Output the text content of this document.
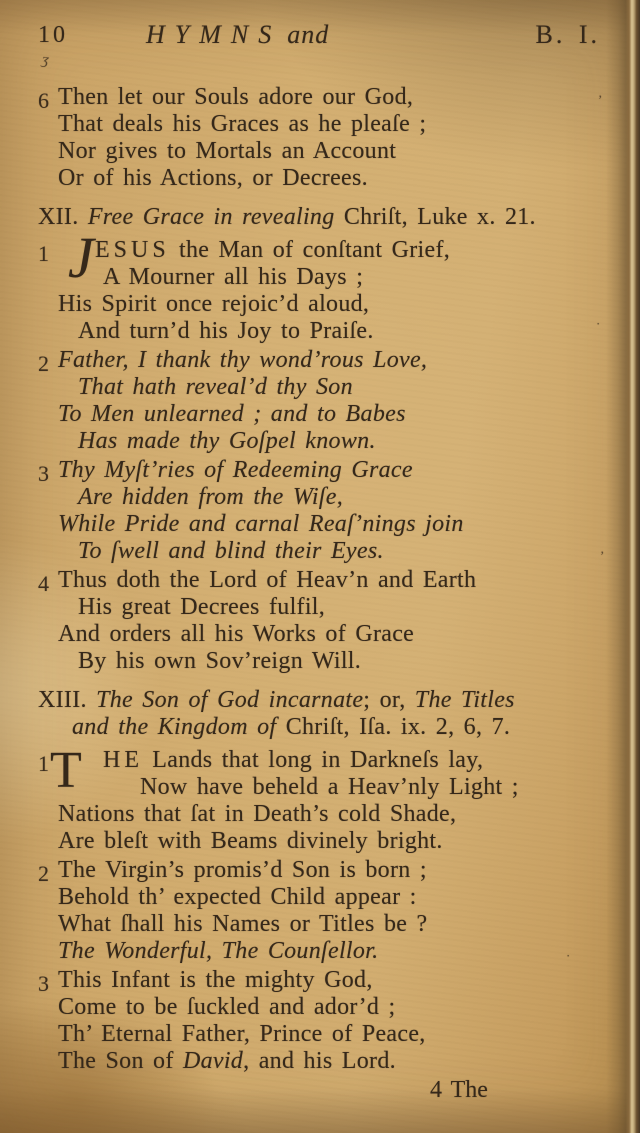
10	HYMNS and	B. I.
ʒ
6 Then let our Souls adore our God,
That deals his Graces as he pleaſe ;
Nor gives to Mortals an Account
Or of his Actions, or Decrees.
XII. Free Grace in revealing Chriſt, Luke x. 21.
1 J ESUS the Man of conſtant Grief,
A Mourner all his Days ;
His Spirit once rejoic’d aloud,
And turn’d his Joy to Praiſe.
2 Father, I thank thy wond’rous Love,
That hath reveal’d thy Son
To Men unlearned ; and to Babes
Has made thy Goſpel known.
3 Thy Myſt’ries of Redeeming Grace
Are hidden from the Wiſe,
While Pride and carnal Reaſ’nings join
To ſwell and blind their Eyes.
4 Thus doth the Lord of Heav’n and Earth
His great Decrees fulfil,
And orders all his Works of Grace
By his own Sov’reign Will.
XIII. The Son of God incarnate; or, The Titles
and the Kingdom of Chriſt, Iſa. ix. 2, 6, 7.
1 T HE Lands that long in Darkneſs lay,
Now have beheld a Heav’nly Light ;
Nations that ſat in Death’s cold Shade,
Are bleſt with Beams divinely bright.
2 The Virgin’s promis’d Son is born ;
Behold th’ expected Child appear :
What ſhall his Names or Titles be ?
The Wonderful, The Counſellor.
3 This Infant is the mighty God,
Come to be ſuckled and ador’d ;
Th’ Eternal Father, Prince of Peace,
The Son of David, and his Lord.
4 The
’
·
’
·
